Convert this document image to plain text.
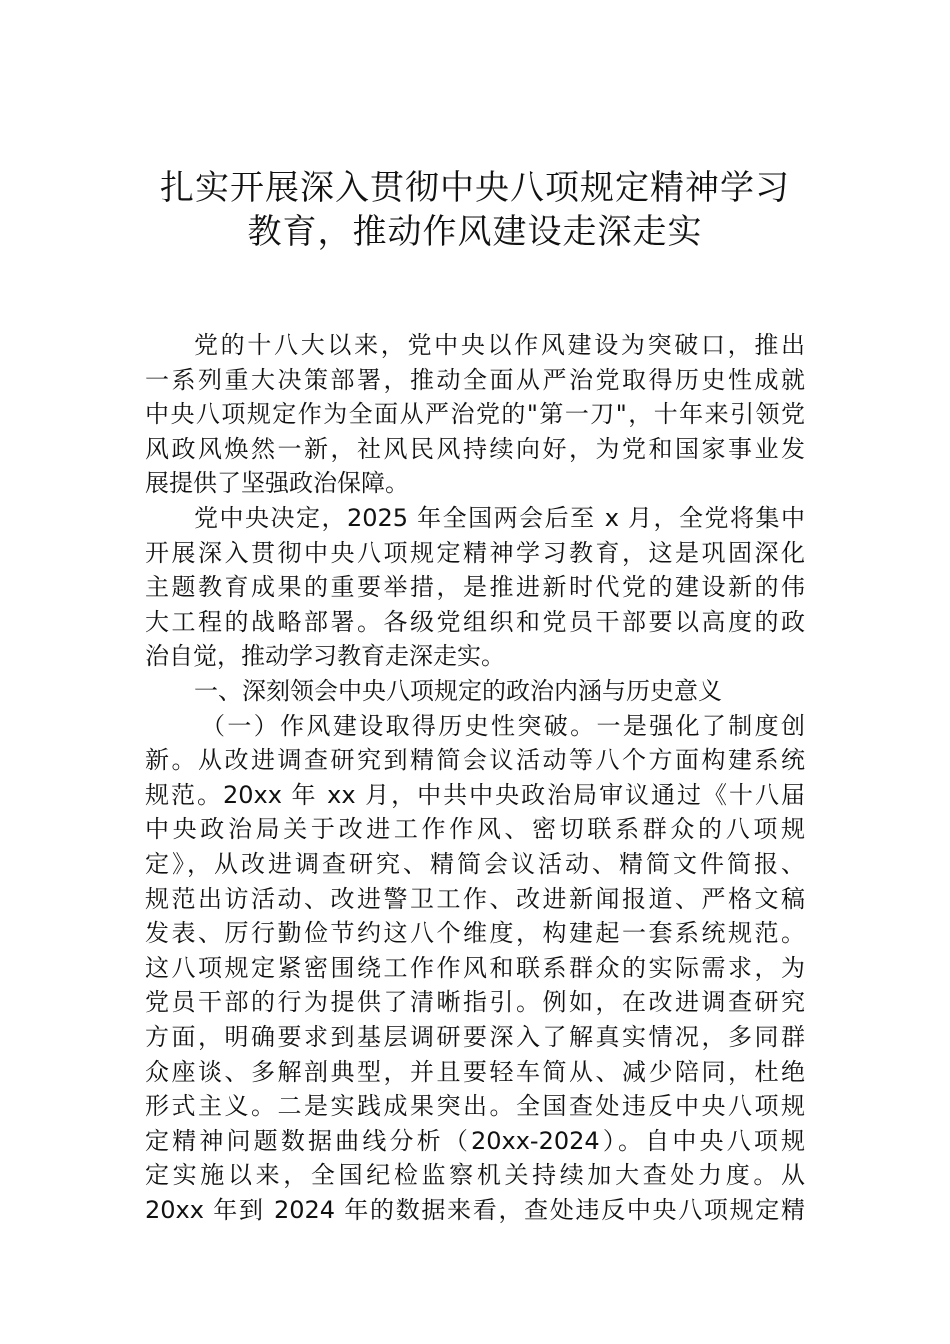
扎实开展深入贯彻中央八项规定精神学习
教育，推动作风建设走深走实
党的十八大以来，党中央以作风建设为突破口，推出
一系列重大决策部署，推动全面从严治党取得历史性成就
中央八项规定作为全面从严治党的"第一刀"，十年来引领党
风政风焕然一新，社风民风持续向好，为党和国家事业发
展提供了坚强政治保障。
党中央决定，2025 年全国两会后至 x 月，全党将集中
开展深入贯彻中央八项规定精神学习教育，这是巩固深化
主题教育成果的重要举措，是推进新时代党的建设新的伟
大工程的战略部署。各级党组织和党员干部要以高度的政
治自觉，推动学习教育走深走实。
一、深刻领会中央八项规定的政治内涵与历史意义
（一）作风建设取得历史性突破。一是强化了制度创
新。从改进调查研究到精简会议活动等八个方面构建系统
规范。20xx 年 xx 月，中共中央政治局审议通过《十八届
中央政治局关于改进工作作风、密切联系群众的八项规
定》，从改进调查研究、精简会议活动、精简文件简报、
规范出访活动、改进警卫工作、改进新闻报道、严格文稿
发表、厉行勤俭节约这八个维度，构建起一套系统规范。
这八项规定紧密围绕工作作风和联系群众的实际需求，为
党员干部的行为提供了清晰指引。例如，在改进调查研究
方面，明确要求到基层调研要深入了解真实情况，多同群
众座谈、多解剖典型，并且要轻车简从、减少陪同，杜绝
形式主义。二是实践成果突出。全国查处违反中央八项规
定精神问题数据曲线分析（20xx-2024）。自中央八项规
定实施以来，全国纪检监察机关持续加大查处力度。从
20xx 年到 2024 年的数据来看，查处违反中央八项规定精
